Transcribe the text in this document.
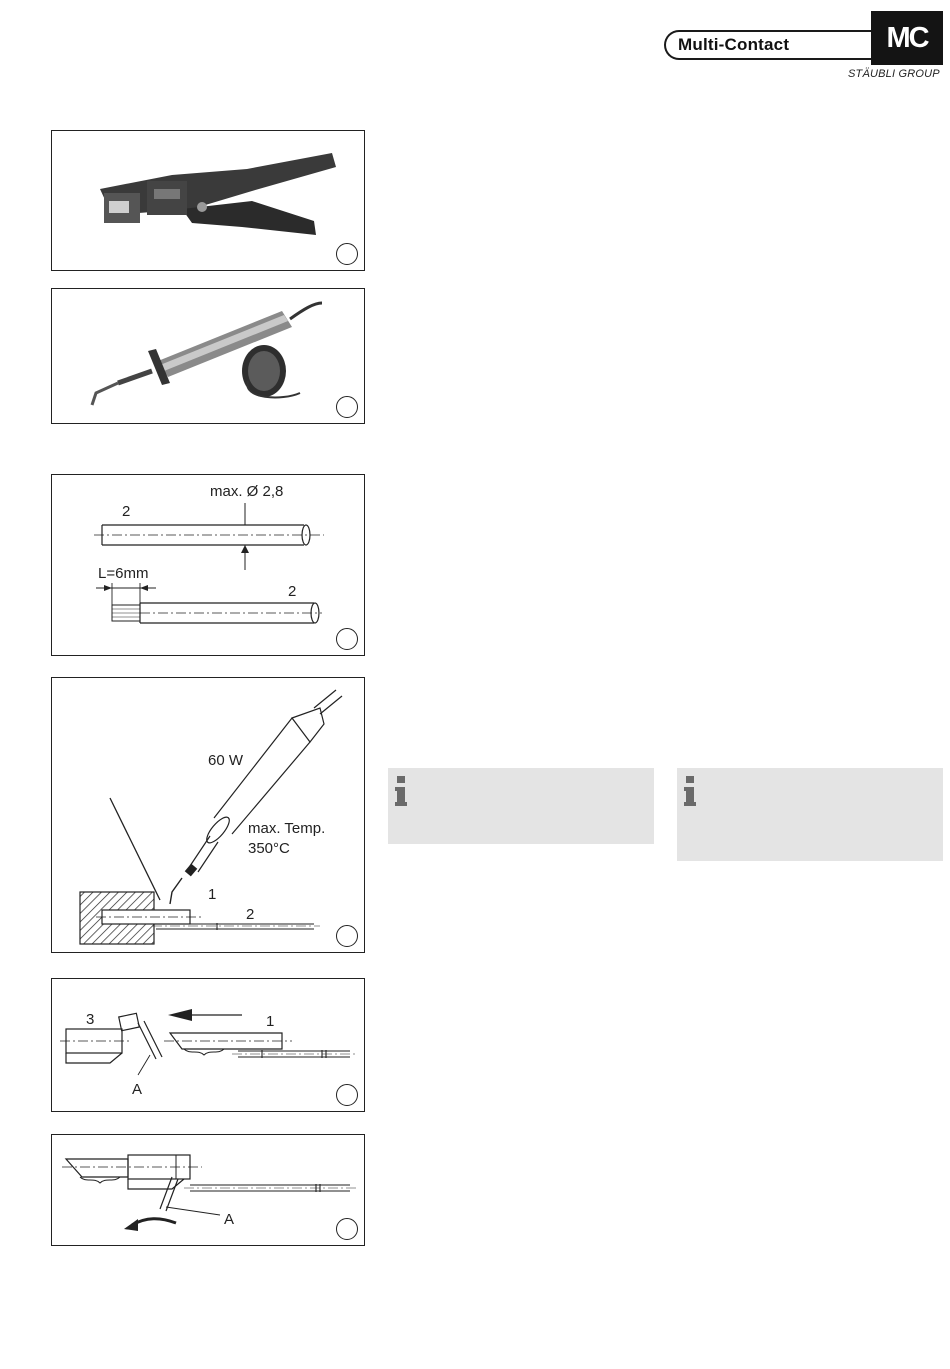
Multi-Contact	MC
STÄUBLI GROUP
max. Ø 2,8
2
L=6mm
2
60 W
max. Temp.
350°C
1
2
3	1
A
A
